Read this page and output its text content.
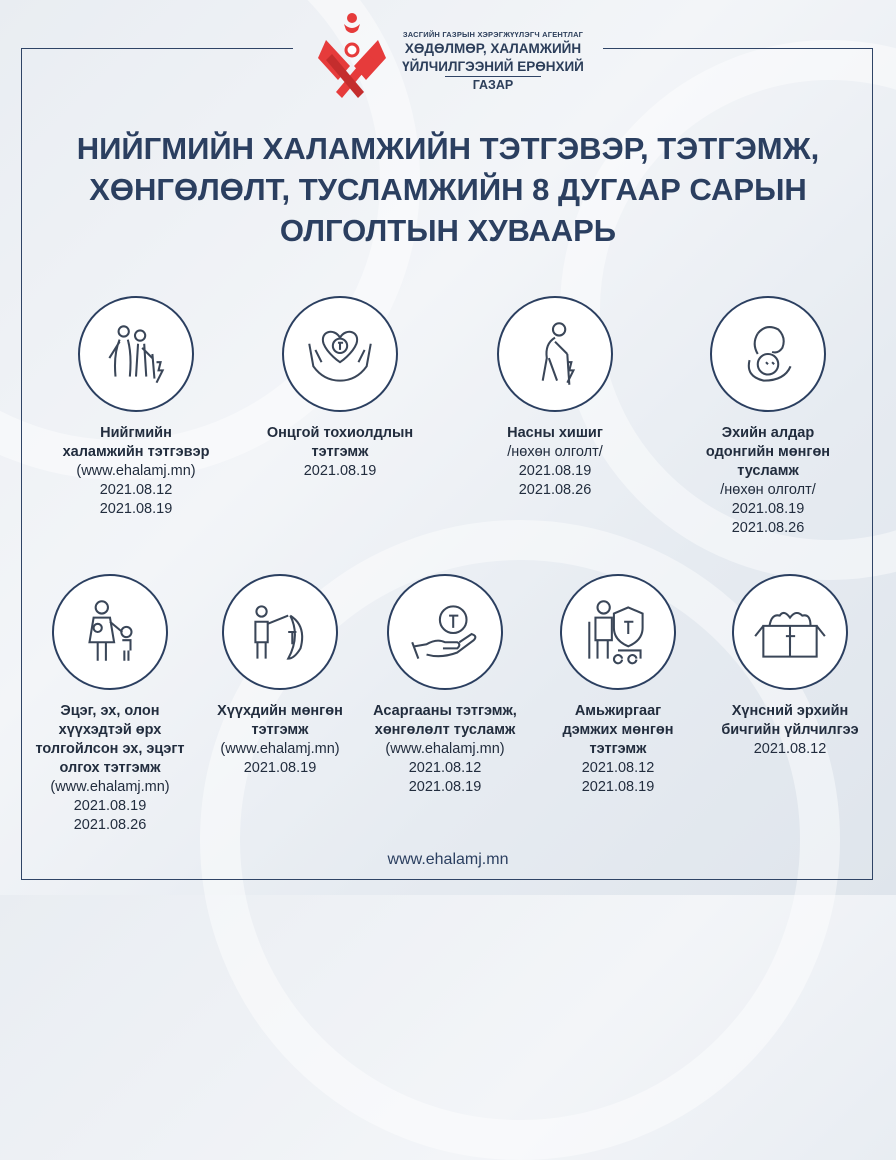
ЗАСГИЙН ГАЗРЫН ХЭРЭГЖҮҮЛЭГЧ АГЕНТЛАГ
ХӨДӨЛМӨР, ХАЛАМЖИЙН
ҮЙЛЧИЛГЭЭНИЙ ЕРӨНХИЙ
ГАЗАР
НИЙГМИЙН ХАЛАМЖИЙН ТЭТГЭВЭР, ТЭТГЭМЖ,
ХӨНГӨЛӨЛТ, ТУСЛАМЖИЙН 8 ДУГААР САРЫН
ОЛГОЛТЫН ХУВААРЬ
Нийгмийн
халамжийн тэтгэвэр
(www.ehalamj.mn)
2021.08.12
2021.08.19
Онцгой тохиолдлын
тэтгэмж
2021.08.19
Насны хишиг
/нөхөн олголт/
2021.08.19
2021.08.26
Эхийн алдар
одонгийн мөнгөн
тусламж
/нөхөн олголт/
2021.08.19
2021.08.26
Эцэг, эх, олон
хүүхэдтэй өрх
толгойлсон эх, эцэгт
олгох тэтгэмж
(www.ehalamj.mn)
2021.08.19
2021.08.26
Хүүхдийн мөнгөн
тэтгэмж
(www.ehalamj.mn)
2021.08.19
Асаргааны тэтгэмж,
хөнгөлөлт тусламж
(www.ehalamj.mn)
2021.08.12
2021.08.19
Амьжиргааг
дэмжих мөнгөн
тэтгэмж
2021.08.12
2021.08.19
Хүнсний эрхийн
бичгийн үйлчилгээ
2021.08.12
www.ehalamj.mn
